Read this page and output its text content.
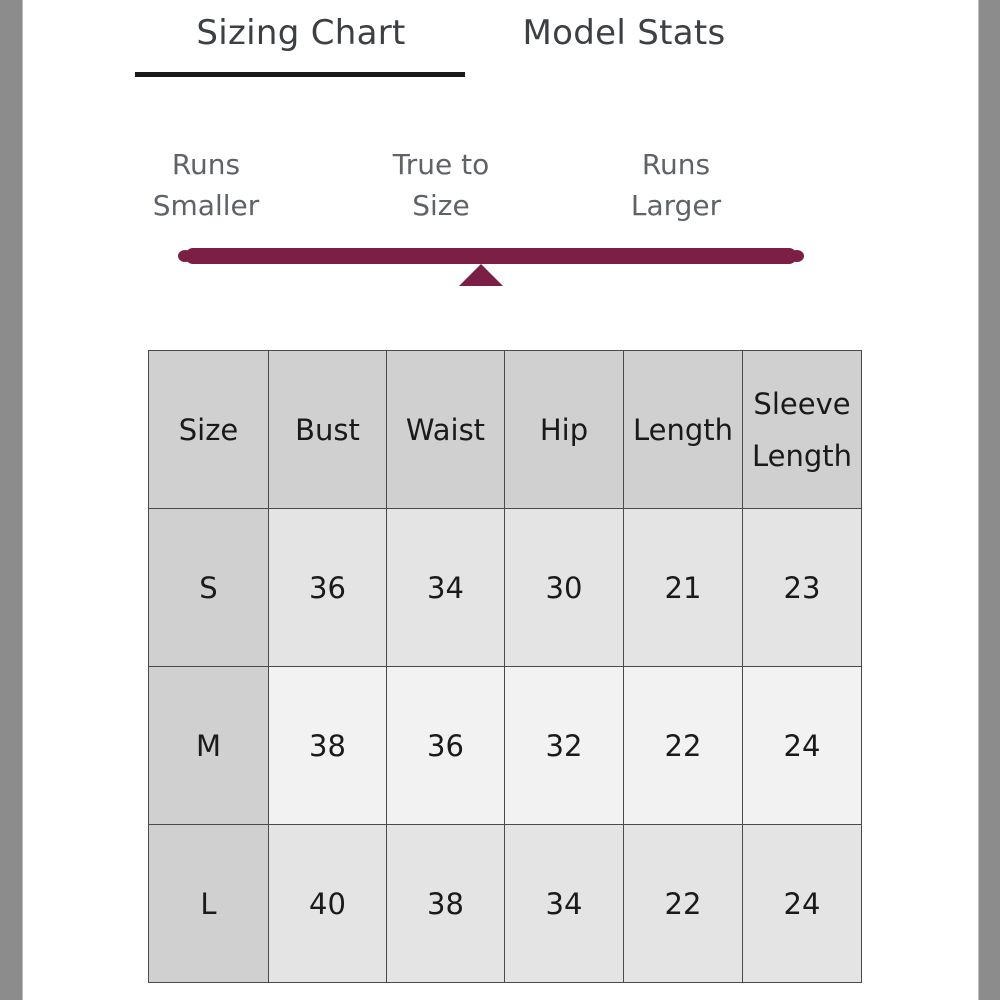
Sizing Chart	Model Stats
Runs
Smaller
True to
Size
Runs
Larger
Size	Bust	Waist	Hip	Length	Sleeve
Length

S	36	34	30	21	23
M	38	36	32	22	24
L	40	38	34	22	24
